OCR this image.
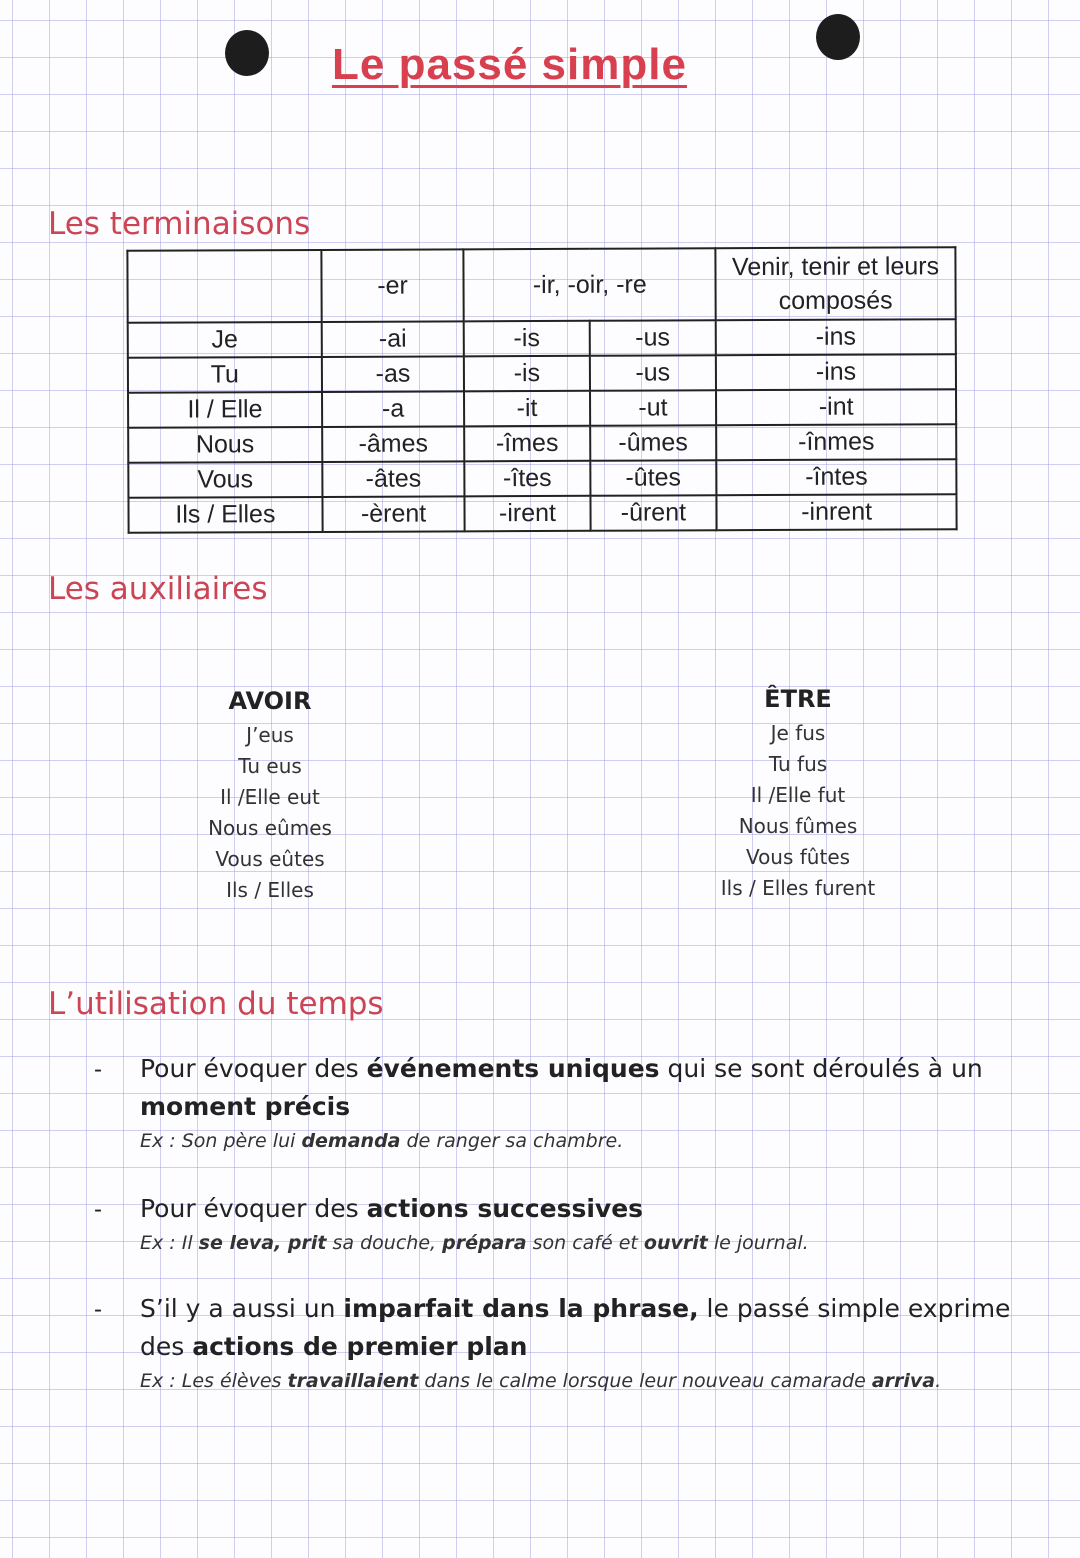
Le passé simple
Les terminaisons
	-er	-ir, -oir, -re		Venir, tenir et leurs composés
Je	-ai	-is	-us	-ins
Tu	-as	-is	-us	-ins
Il / Elle	-a	-it	-ut	-int
Nous	-âmes	-îmes	-ûmes	-înmes
Vous	-âtes	-îtes	-ûtes	-întes
Ils / Elles	-èrent	-irent	-ûrent	-inrent
Les auxiliaires
AVOIR
J’eus
Tu eus
Il /Elle eut
Nous eûmes
Vous eûtes
Ils / Elles
ÊTRE
Je fus
Tu fus
Il /Elle fut
Nous fûmes
Vous fûtes
Ils / Elles furent
L’utilisation du temps
- Pour évoquer des événements uniques qui se sont déroulés à un moment précis
Ex : Son père lui demanda de ranger sa chambre.
- Pour évoquer des actions successives
Ex : Il se leva, prit sa douche, prépara son café et ouvrit le journal.
- S’il y a aussi un imparfait dans la phrase, le passé simple exprime des actions de premier plan
Ex : Les élèves travaillaient dans le calme lorsque leur nouveau camarade arriva.
